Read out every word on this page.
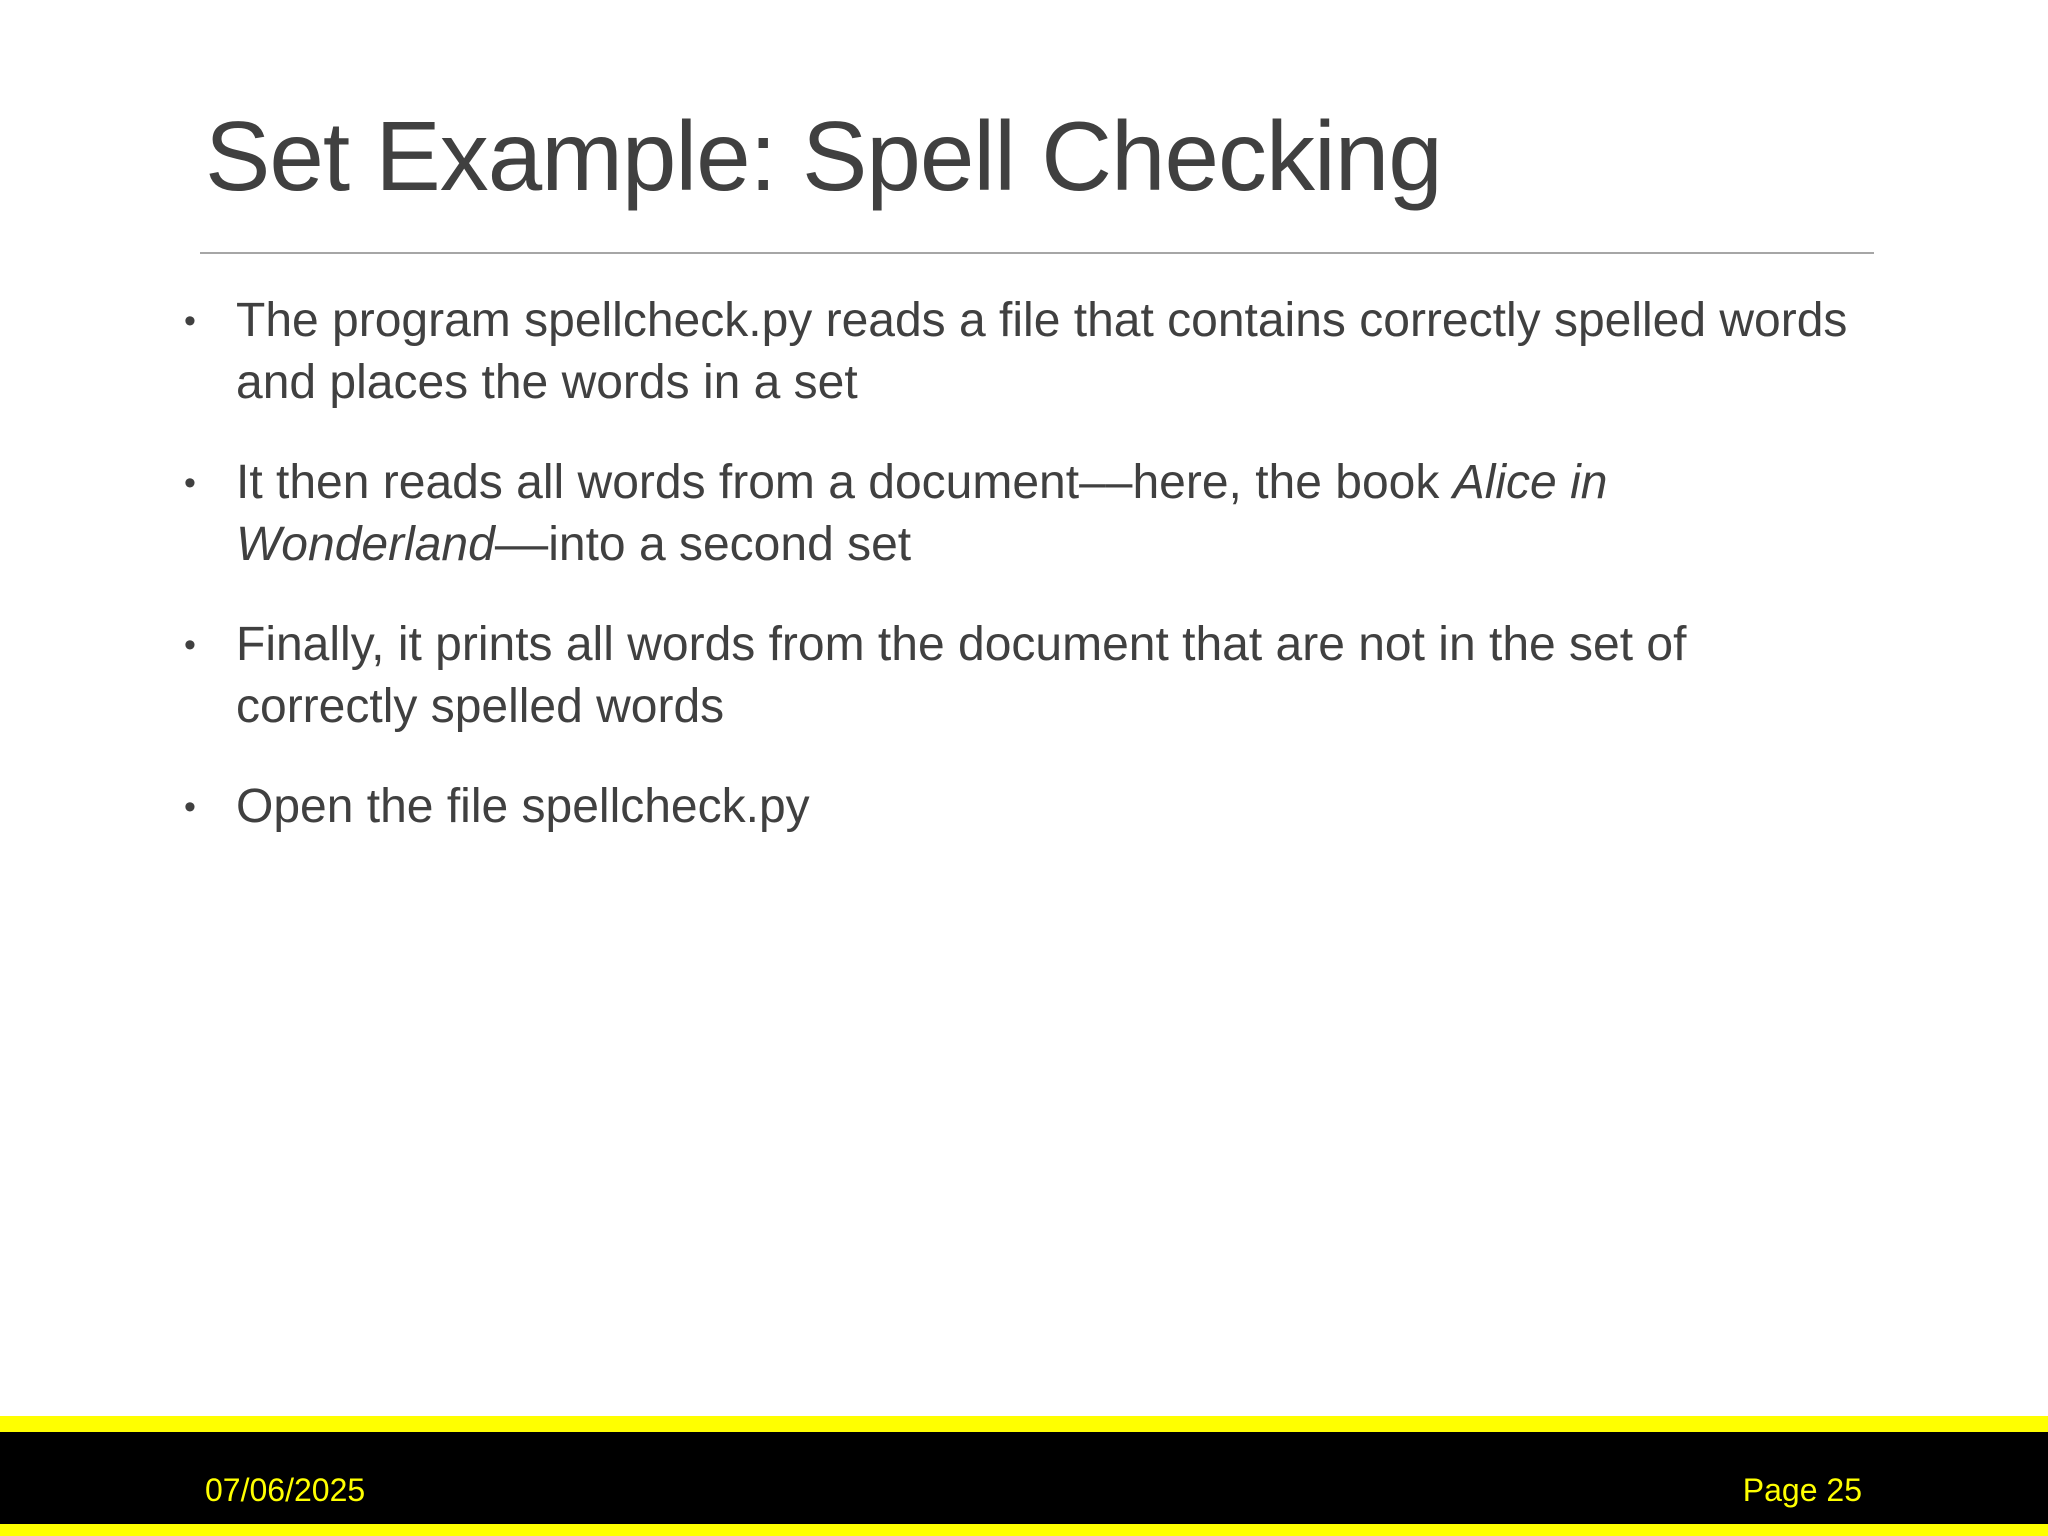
Set Example: Spell Checking
• The program spellcheck.py reads a file that contains correctly spelled words and places the words in a set
• It then reads all words from a document––here, the book Alice in Wonderland––into a second set
• Finally, it prints all words from the document that are not in the set of correctly spelled words
• Open the file spellcheck.py
07/06/2025	Page 25
